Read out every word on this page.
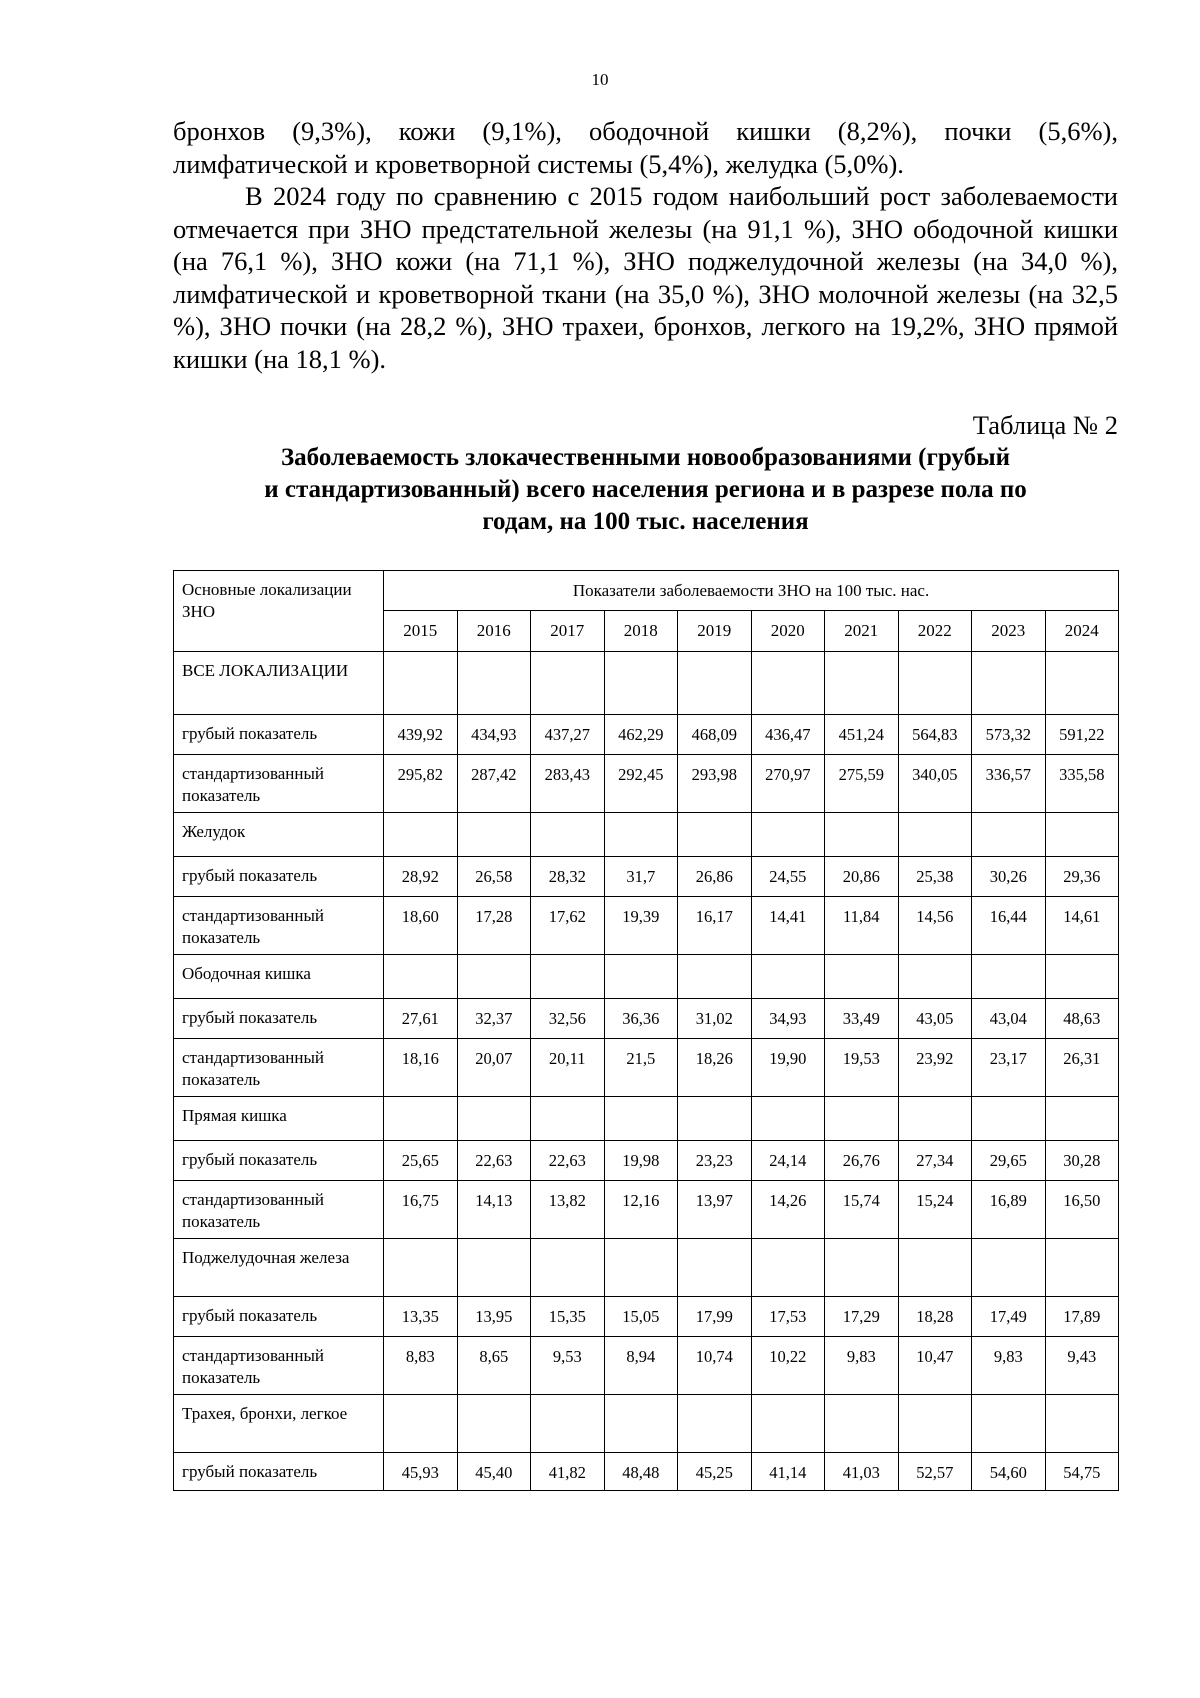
10

бронхов (9,3%), кожи (9,1%), ободочной кишки (8,2%), почки (5,6%), лимфатической и кроветворной системы (5,4%), желудка (5,0%).

В 2024 году по сравнению с 2015 годом наибольший рост заболеваемости отмечается при ЗНО предстательной железы (на 91,1 %), ЗНО ободочной кишки (на 76,1 %), ЗНО кожи (на 71,1 %), ЗНО поджелудочной железы (на 34,0 %), лимфатической и кроветворной ткани (на 35,0 %), ЗНО молочной железы (на 32,5 %), ЗНО почки (на 28,2 %), ЗНО трахеи, бронхов, легкого на 19,2%, ЗНО прямой кишки (на 18,1 %).

Таблица № 2
Заболеваемость злокачественными новообразованиями (грубый
и стандартизованный) всего населения региона и в разрезе пола по
годам, на 100 тыс. населения
Основные локализации ЗНО	Показатели заболеваемости ЗНО на 100 тыс. нас.									
	2015	2016	2017	2018	2019	2020	2021	2022	2023	2024
ВСЕ ЛОКАЛИЗАЦИИ										
грубый показатель	439,92	434,93	437,27	462,29	468,09	436,47	451,24	564,83	573,32	591,22
стандартизованный показатель	295,82	287,42	283,43	292,45	293,98	270,97	275,59	340,05	336,57	335,58
Желудок										
грубый показатель	28,92	26,58	28,32	31,7	26,86	24,55	20,86	25,38	30,26	29,36
стандартизованный показатель	18,60	17,28	17,62	19,39	16,17	14,41	11,84	14,56	16,44	14,61
Ободочная кишка										
грубый показатель	27,61	32,37	32,56	36,36	31,02	34,93	33,49	43,05	43,04	48,63
стандартизованный показатель	18,16	20,07	20,11	21,5	18,26	19,90	19,53	23,92	23,17	26,31
Прямая кишка										
грубый показатель	25,65	22,63	22,63	19,98	23,23	24,14	26,76	27,34	29,65	30,28
стандартизованный показатель	16,75	14,13	13,82	12,16	13,97	14,26	15,74	15,24	16,89	16,50
Поджелудочная железа										
грубый показатель	13,35	13,95	15,35	15,05	17,99	17,53	17,29	18,28	17,49	17,89
стандартизованный показатель	8,83	8,65	9,53	8,94	10,74	10,22	9,83	10,47	9,83	9,43
Трахея, бронхи, легкое										
грубый показатель	45,93	45,40	41,82	48,48	45,25	41,14	41,03	52,57	54,60	54,75
